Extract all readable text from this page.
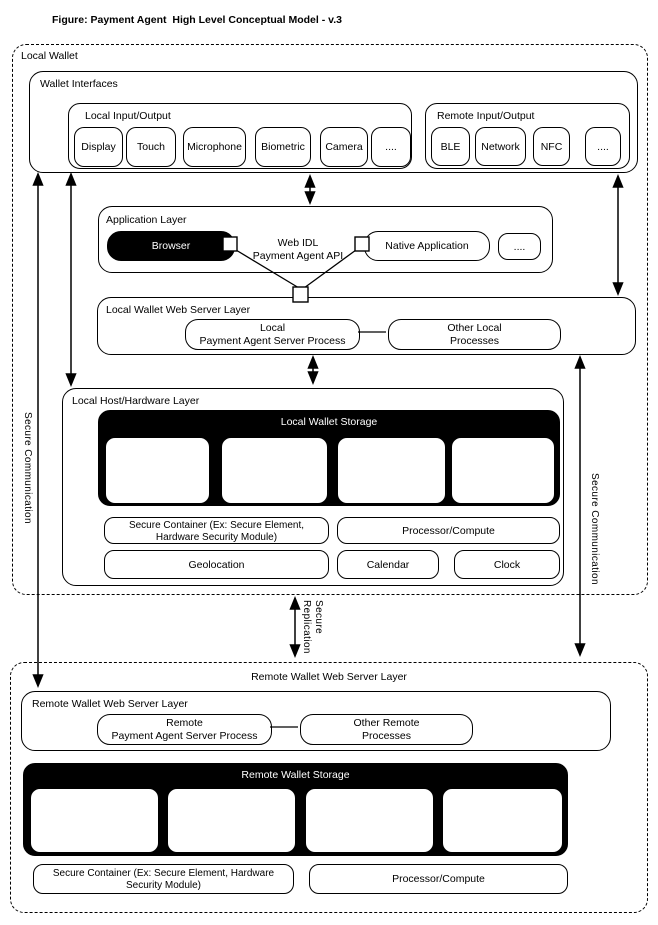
Figure: Payment Agent  High Level Conceptual Model - v.3
Local Wallet
Wallet Interfaces
Local Input/Output
Display	Touch	Microphone	Biometric	Camera	....
Remote Input/Output
BLE	Network	NFC	....
Application Layer
Browser	Web IDL
Payment Agent API
Native Application	....
Local Wallet Web Server Layer
Local
Payment Agent Server Process
Other Local
Processes
Local Host/Hardware Layer
Local Wallet Storage
Identity
Container
Credential
Container
Ledger
Container
Item
Container
Secure Container (Ex: Secure Element,
Hardware Security Module)
Processor/Compute
Geolocation	Calendar	Clock
Secure Communication
Secure Communication
Secure
Replication
Remote Wallet Web Server Layer
Remote Wallet Web Server Layer
Remote
Payment Agent Server Process
Other Remote
Processes
Remote Wallet Storage
Identity
Container
Credential
Container
Ledger
Container
Item
Container
Secure Container (Ex: Secure Element, Hardware
Security Module)
Processor/Compute
